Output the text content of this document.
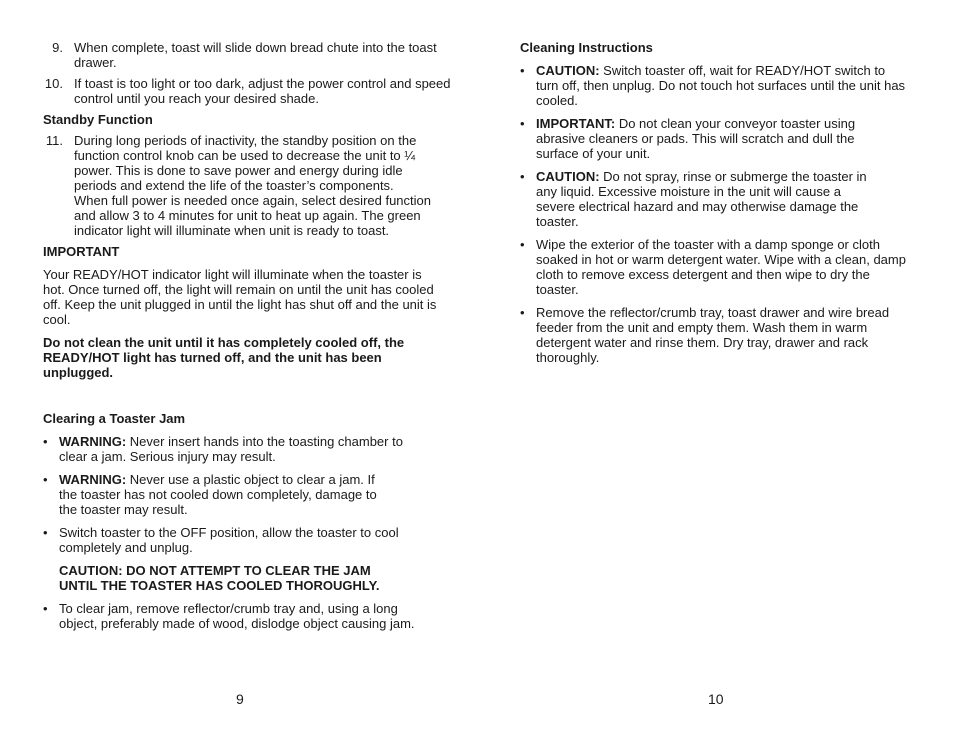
9. When complete, toast will slide down bread chute into the toast drawer.

10. If toast is too light or too dark, adjust the power control and speed control until you reach your desired shade.

Standby Function

11. During long periods of inactivity, the standby position on the function control knob can be used to decrease the unit to ¼ power. This is done to save power and energy during idle periods and extend the life of the toaster’s components. When full power is needed once again, select desired function and allow 3 to 4 minutes for unit to heat up again. The green indicator light will illuminate when unit is ready to toast.

IMPORTANT

Your READY/HOT indicator light will illuminate when the toaster is hot. Once turned off, the light will remain on until the unit has cooled off. Keep the unit plugged in until the light has shut off and the unit is cool.

Do not clean the unit until it has completely cooled off, the READY/HOT light has turned off, and the unit has been unplugged.

Clearing a Toaster Jam

• WARNING: Never insert hands into the toasting chamber to clear a jam. Serious injury may result.

• WARNING: Never use a plastic object to clear a jam. If the toaster has not cooled down completely, damage to the toaster may result.

• Switch toaster to the OFF position, allow the toaster to cool completely and unplug.

CAUTION: DO NOT ATTEMPT TO CLEAR THE JAM UNTIL THE TOASTER HAS COOLED THOROUGHLY.

• To clear jam, remove reflector/crumb tray and, using a long object, preferably made of wood, dislodge object causing jam.

Cleaning Instructions

• CAUTION: Switch toaster off, wait for READY/HOT switch to turn off, then unplug. Do not touch hot surfaces until the unit has cooled.

• IMPORTANT: Do not clean your conveyor toaster using abrasive cleaners or pads. This will scratch and dull the surface of your unit.

• CAUTION: Do not spray, rinse or submerge the toaster in any liquid. Excessive moisture in the unit will cause a severe electrical hazard and may otherwise damage the toaster.

• Wipe the exterior of the toaster with a damp sponge or cloth soaked in hot or warm detergent water. Wipe with a clean, damp cloth to remove excess detergent and then wipe to dry the toaster.

• Remove the reflector/crumb tray, toast drawer and wire bread feeder from the unit and empty them. Wash them in warm detergent water and rinse them. Dry tray, drawer and rack thoroughly.

9	10
